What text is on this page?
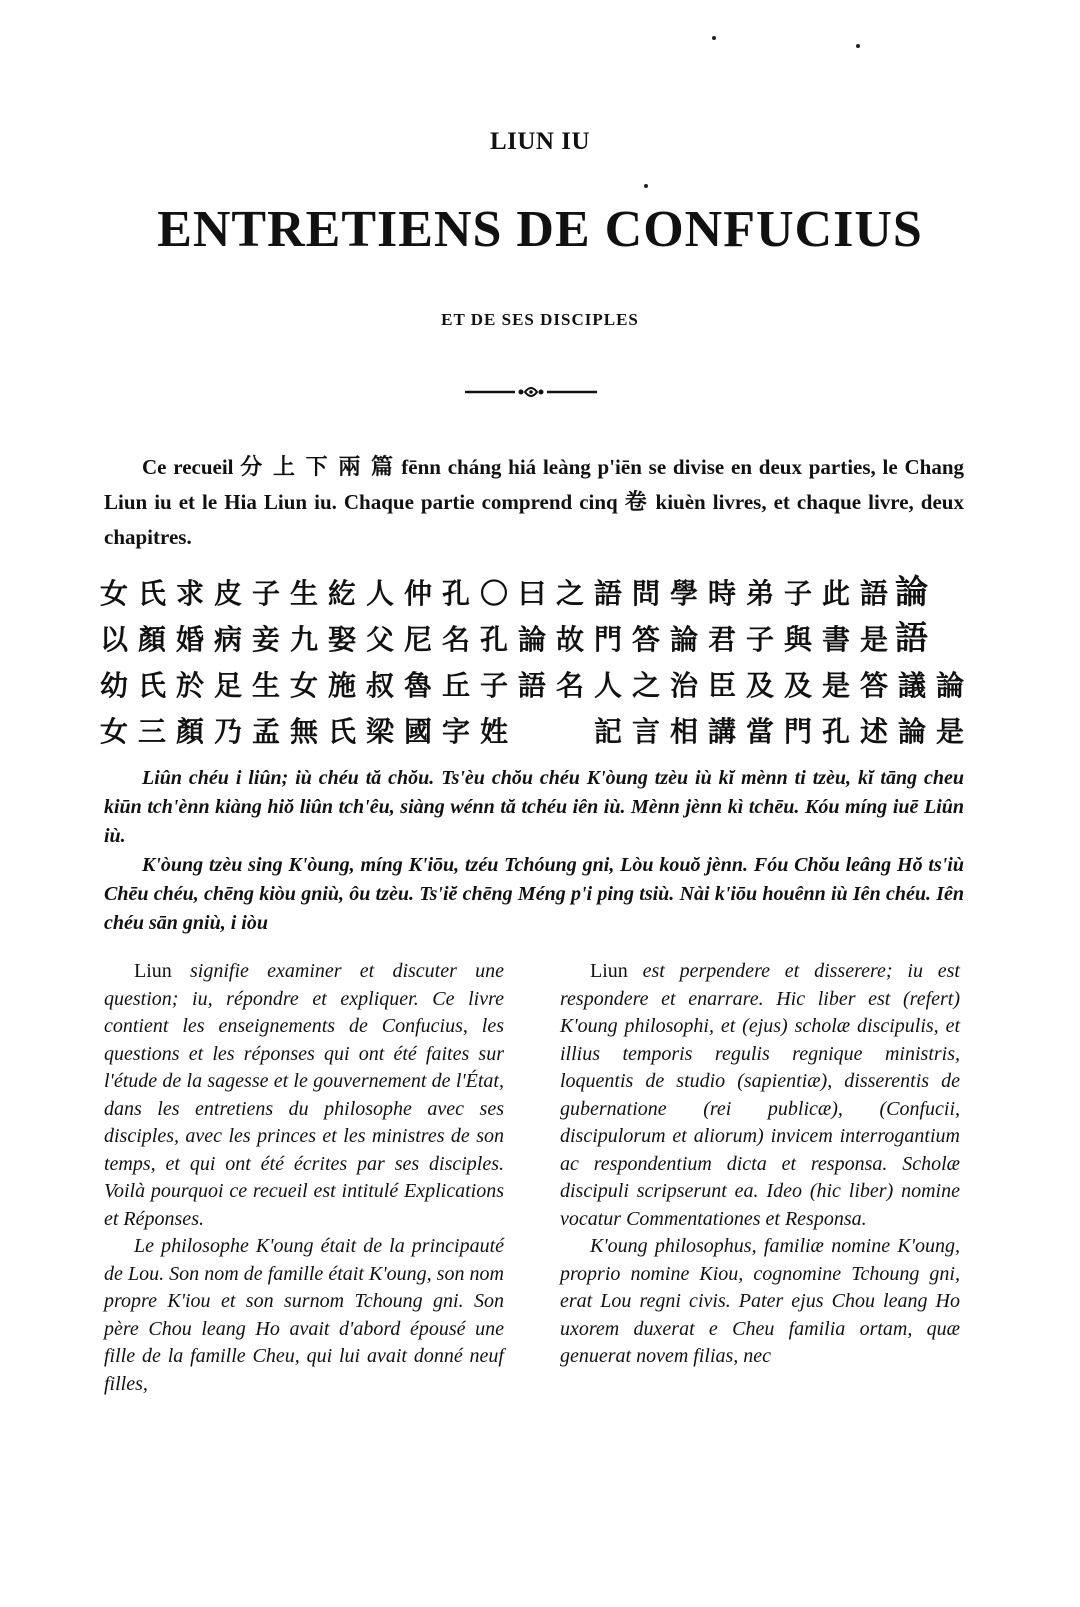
LIUN IU
ENTRETIENS DE CONFUCIUS
ET DE SES DISCIPLES

Ce recueil 分 上 下 兩 篇 fēnn cháng hiá leàng p'iēn se divise en deux parties, le Chang Liun iu et le Hia Liun iu. Chaque partie comprend cinq 卷 kiuèn livres, et chaque livre, deux chapitres.

女氏求皮子生紇人仲孔〇曰之語問學時弟子此語
以顏婚病妾九娶父尼名孔論故門答論君子與書是
幼氏於足生女施叔魯丘子語名人之治臣及及是答議論
女三顏乃孟無氏梁國字姓　　記言相講當門孔述論是
論
語

Liûn chéu i liûn; iù chéu tă chŏu. Ts'èu chŏu chéu K'òung tzèu iù kĭ mènn ti tzèu, kĭ tāng cheu kiūn tch'ènn kiàng hiŏ liûn tch'êu, siàng wénn tă tchéu iên iù. Mènn jènn kì tchēu. Kóu míng iuē Liûn iù.

K'òung tzèu sing K'òung, míng K'iōu, tzéu Tchóung gni, Lòu kouŏ jènn. Fóu Chŏu leâng Hŏ ts'iù Chēu chéu, chēng kiòu gniù, ôu tzèu. Ts'iĕ chēng Méng p'i ping tsiù. Nài k'iōu houênn iù Iên chéu. Iên chéu sān gniù, i iòu

Liun signifie examiner et discuter une question; iu, répondre et expliquer. Ce livre contient les enseignements de Confucius, les questions et les réponses qui ont été faites sur l'étude de la sagesse et le gouvernement de l'État, dans les entretiens du philosophe avec ses disciples, avec les princes et les ministres de son temps, et qui ont été écrites par ses disciples. Voilà pourquoi ce recueil est intitulé Explications et Réponses.

Le philosophe K'oung était de la principauté de Lou. Son nom de famille était K'oung, son nom propre K'iou et son surnom Tchoung gni. Son père Chou leang Ho avait d'abord épousé une fille de la famille Cheu, qui lui avait donné neuf filles,

Liun est perpendere et disserere; iu est respondere et enarrare. Hic liber est (refert) K'oung philosophi, et (ejus) scholæ discipulis, et illius temporis regulis regnique ministris, loquentis de studio (sapientiæ), disserentis de gubernatione (rei publicæ), (Confucii, discipulorum et aliorum) invicem interrogantium ac respondentium dicta et responsa. Scholæ discipuli scripserunt ea. Ideo (hic liber) nomine vocatur Commentationes et Responsa.

K'oung philosophus, familiæ nomine K'oung, proprio nomine Kiou, cognomine Tchoung gni, erat Lou regni civis. Pater ejus Chou leang Ho uxorem duxerat e Cheu familia ortam, quæ genuerat novem filias, nec
